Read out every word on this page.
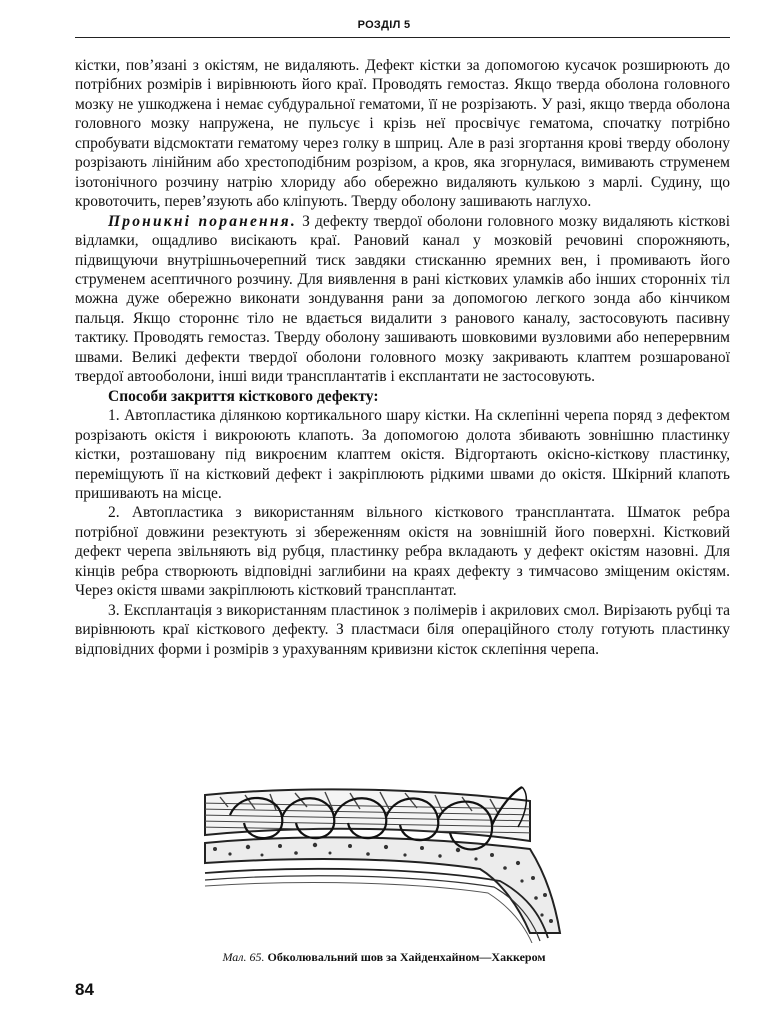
РОЗДІЛ 5

кістки, пов’язані з окістям, не видаляють. Дефект кістки за допомогою кусачок розширюють до потрібних розмірів і вирівнюють його краї. Проводять гемостаз. Якщо тверда оболона головного мозку не ушкоджена і немає субдуральної гематоми, її не розрізають. У разі, якщо тверда оболона головного мозку напружена, не пульсує і крізь неї просвічує гематома, спочатку потрібно спробувати відсмоктати гематому через голку в шприц. Але в разі згортання крові тверду оболону розрізають лінійним або хрестоподібним розрізом, а кров, яка згорнулася, вимивають струменем ізотонічного розчину натрію хлориду або обережно видаляють кулькою з марлі. Судину, що кровоточить, перев’язують або кліпують. Тверду оболону зашивають наглухо.

Проникні поранення. З дефекту твердої оболони головного мозку видаляють кісткові відламки, ощадливо висікають краї. Рановий канал у мозковій речовині спорожняють, підвищуючи внутрішньочерепний тиск завдяки стисканню яремних вен, і промивають його струменем асептичного розчину. Для виявлення в рані кісткових уламків або інших сторонніх тіл можна дуже обережно виконати зондування рани за допомогою легкого зонда або кінчиком пальця. Якщо стороннє тіло не вдається видалити з ранового каналу, застосовують пасивну тактику. Проводять гемостаз. Тверду оболону зашивають шовковими вузловими або неперервним швами. Великі дефекти твердої оболони головного мозку закривають клаптем розшарованої твердої автооболони, інші види трансплантатів і експлантати не застосовують.

Способи закриття кісткового дефекту:

1. Автопластика ділянкою кортикального шару кістки. На склепінні черепа поряд з дефектом розрізають окістя і викроюють клапоть. За допомогою долота збивають зовнішню пластинку кістки, розташовану під викроєним клаптем окістя. Відгортають окісно-кісткову пластинку, переміщують її на кістковий дефект і закріплюють рідкими швами до окістя. Шкірний клапоть пришивають на місце.

2. Автопластика з використанням вільного кісткового трансплантата. Шматок ребра потрібної довжини резектують зі збереженням окістя на зовнішній його поверхні. Кістковий дефект черепа звільняють від рубця, пластинку ребра вкладають у дефект окістям назовні. Для кінців ребра створюють відповідні заглибини на краях дефекту з тимчасово зміщеним окістям. Через окістя швами закріплюють кістковий трансплантат.

3. Експлантація з використанням пластинок з полімерів і акрилових смол. Вирізають рубці та вирівнюють краї кісткового дефекту. З пластмаси біля операційного столу готують пластинку відповідних форми і розмірів з урахуванням кривизни кісток склепіння черепа.

Мал. 65. Обколювальний шов за Хайденхайном—Хаккером
84
